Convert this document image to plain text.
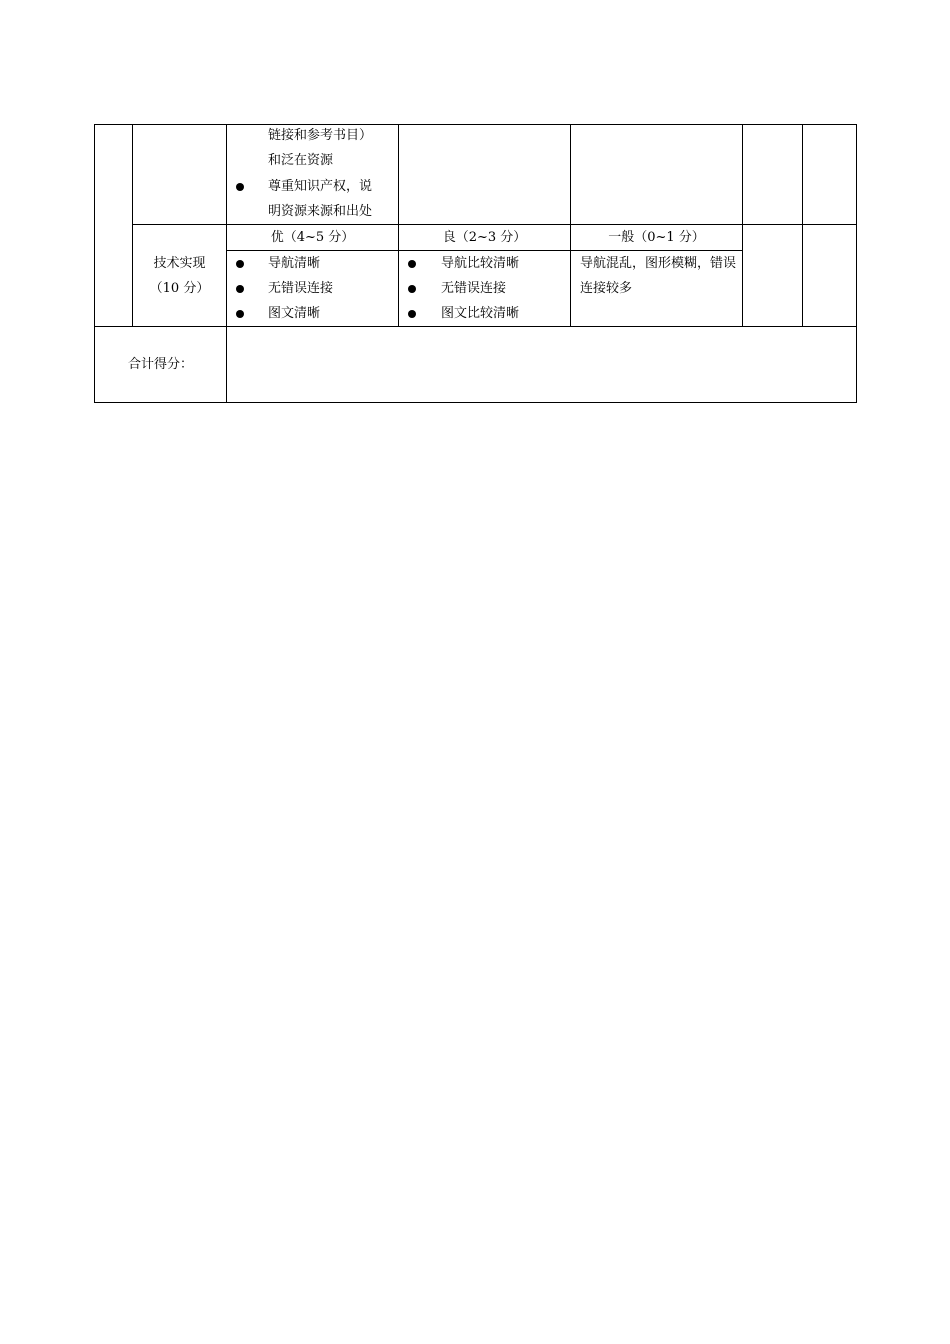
链接和参考书目）
和泛在资源
尊重知识产权，说
明资源来源和出处
技术实现
（10 分）
优（4~5 分）	良（2~3 分）	一般（0~1 分）
导航清晰
无错误连接
图文清晰
导航比较清晰
无错误连接
图文比较清晰
导航混乱，图形模糊，错误连接较多
合计得分：
